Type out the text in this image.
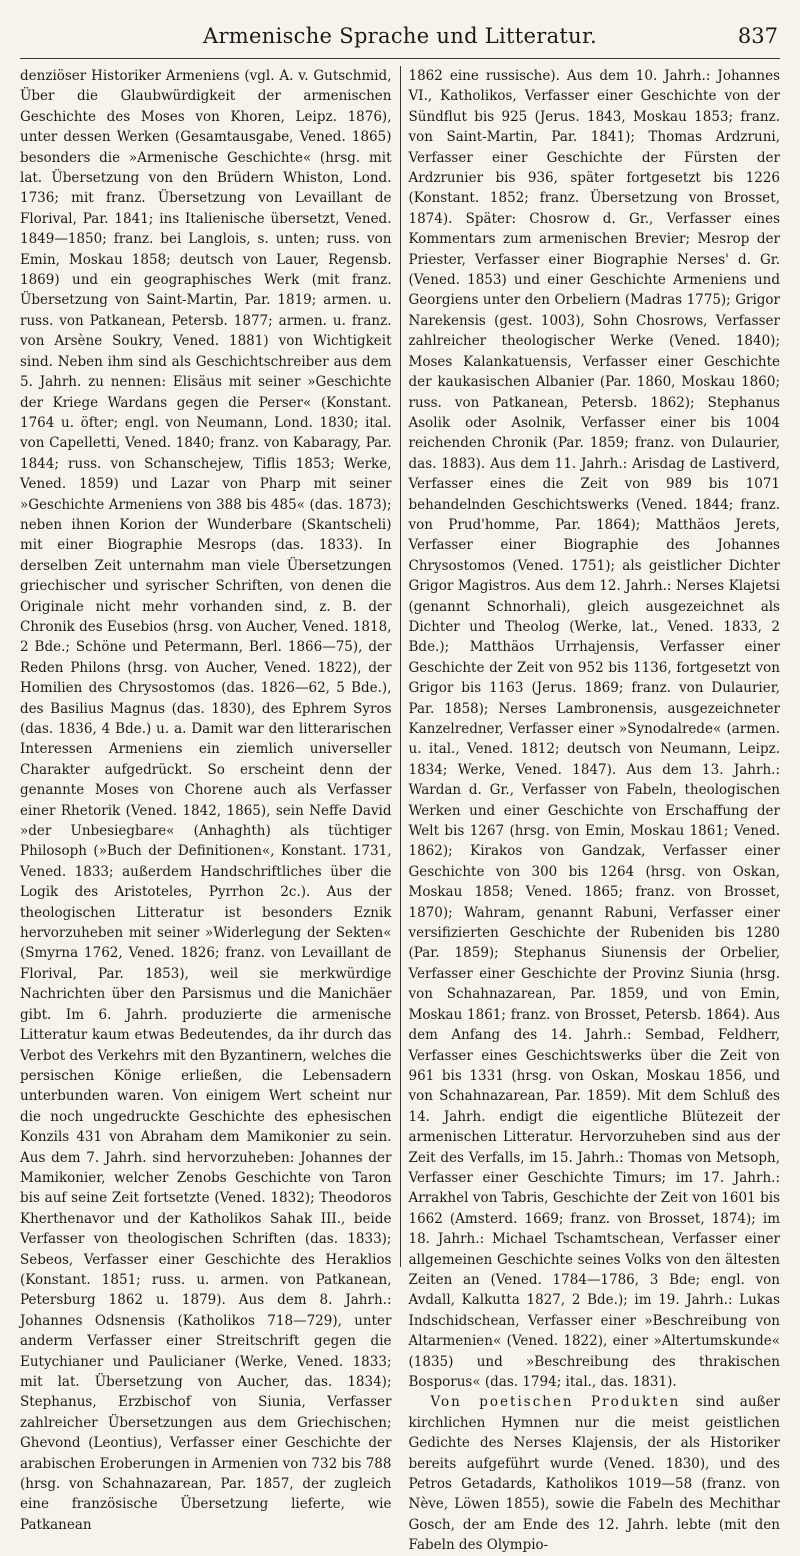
Armenische Sprache und Litteratur.	837

denziöser Historiker Armeniens (vgl. A. v. Gutschmid, Über die Glaubwürdigkeit der armenischen Geschichte des Moses von Khoren, Leipz. 1876), unter dessen Werken (Gesamtausgabe, Vened. 1865) besonders die »Armenische Geschichte« (hrsg. mit lat. Übersetzung von den Brüdern Whiston, Lond. 1736; mit franz. Übersetzung von Levaillant de Florival, Par. 1841; ins Italienische übersetzt, Vened. 1849—1850; franz. bei Langlois, s. unten; russ. von Emin, Moskau 1858; deutsch von Lauer, Regensb. 1869) und ein geographisches Werk (mit franz. Übersetzung von Saint-Martin, Par. 1819; armen. u. russ. von Patkanean, Petersb. 1877; armen. u. franz. von Arsène Soukry, Vened. 1881) von Wichtigkeit sind. Neben ihm sind als Geschichtschreiber aus dem 5. Jahrh. zu nennen: Elisäus mit seiner »Geschichte der Kriege Wardans gegen die Perser« (Konstant. 1764 u. öfter; engl. von Neumann, Lond. 1830; ital. von Capelletti, Vened. 1840; franz. von Kabaragy, Par. 1844; russ. von Schanschejew, Tiflis 1853; Werke, Vened. 1859) und Lazar von Pharp mit seiner »Geschichte Armeniens von 388 bis 485« (das. 1873); neben ihnen Korion der Wunderbare (Skantscheli) mit einer Biographie Mesrops (das. 1833). In derselben Zeit unternahm man viele Übersetzungen griechischer und syrischer Schriften, von denen die Originale nicht mehr vorhanden sind, z. B. der Chronik des Eusebios (hrsg. von Aucher, Vened. 1818, 2 Bde.; Schöne und Petermann, Berl. 1866—75), der Reden Philons (hrsg. von Aucher, Vened. 1822), der Homilien des Chrysostomos (das. 1826—62, 5 Bde.), des Basilius Magnus (das. 1830), des Ephrem Syros (das. 1836, 4 Bde.) u. a. Damit war den litterarischen Interessen Armeniens ein ziemlich universeller Charakter aufgedrückt. So erscheint denn der genannte Moses von Chorene auch als Verfasser einer Rhetorik (Vened. 1842, 1865), sein Neffe David »der Unbesiegbare« (Anhaghth) als tüchtiger Philosoph (»Buch der Definitionen«, Konstant. 1731, Vened. 1833; außerdem Handschriftliches über die Logik des Aristoteles, Pyrrhon 2c.). Aus der theologischen Litteratur ist besonders Eznik hervorzuheben mit seiner »Widerlegung der Sekten« (Smyrna 1762, Vened. 1826; franz. von Levaillant de Florival, Par. 1853), weil sie merkwürdige Nachrichten über den Parsismus und die Manichäer gibt. Im 6. Jahrh. produzierte die armenische Litteratur kaum etwas Bedeutendes, da ihr durch das Verbot des Verkehrs mit den Byzantinern, welches die persischen Könige erließen, die Lebensadern unterbunden waren. Von einigem Wert scheint nur die noch ungedruckte Geschichte des ephesischen Konzils 431 von Abraham dem Mamikonier zu sein. Aus dem 7. Jahrh. sind hervorzuheben: Johannes der Mamikonier, welcher Zenobs Geschichte von Taron bis auf seine Zeit fortsetzte (Vened. 1832); Theodoros Kherthenavor und der Katholikos Sahak III., beide Verfasser von theologischen Schriften (das. 1833); Sebeos, Verfasser einer Geschichte des Heraklios (Konstant. 1851; russ. u. armen. von Patkanean, Petersburg 1862 u. 1879). Aus dem 8. Jahrh.: Johannes Odsnensis (Katholikos 718—729), unter anderm Verfasser einer Streitschrift gegen die Eutychianer und Paulicianer (Werke, Vened. 1833; mit lat. Übersetzung von Aucher, das. 1834); Stephanus, Erzbischof von Siunia, Verfasser zahlreicher Übersetzungen aus dem Griechischen; Ghevond (Leontius), Verfasser einer Geschichte der arabischen Eroberungen in Armenien von 732 bis 788 (hrsg. von Schahnazarean, Par. 1857, der zugleich eine französische Übersetzung lieferte, wie Patkanean

1862 eine russische). Aus dem 10. Jahrh.: Johannes VI., Katholikos, Verfasser einer Geschichte von der Sündflut bis 925 (Jerus. 1843, Moskau 1853; franz. von Saint-Martin, Par. 1841); Thomas Ardzruni, Verfasser einer Geschichte der Fürsten der Ardzrunier bis 936, später fortgesetzt bis 1226 (Konstant. 1852; franz. Übersetzung von Brosset, 1874). Später: Chosrow d. Gr., Verfasser eines Kommentars zum armenischen Brevier; Mesrop der Priester, Verfasser einer Biographie Nerses' d. Gr. (Vened. 1853) und einer Geschichte Armeniens und Georgiens unter den Orbeliern (Madras 1775); Grigor Narekensis (gest. 1003), Sohn Chosrows, Verfasser zahlreicher theologischer Werke (Vened. 1840); Moses Kalankatuensis, Verfasser einer Geschichte der kaukasischen Albanier (Par. 1860, Moskau 1860; russ. von Patkanean, Petersb. 1862); Stephanus Asolik oder Asolnik, Verfasser einer bis 1004 reichenden Chronik (Par. 1859; franz. von Dulaurier, das. 1883). Aus dem 11. Jahrh.: Arisdag de Lastiverd, Verfasser eines die Zeit von 989 bis 1071 behandelnden Geschichtswerks (Vened. 1844; franz. von Prud'homme, Par. 1864); Matthäos Jerets, Verfasser einer Biographie des Johannes Chrysostomos (Vened. 1751); als geistlicher Dichter Grigor Magistros. Aus dem 12. Jahrh.: Nerses Klajetsi (genannt Schnorhali), gleich ausgezeichnet als Dichter und Theolog (Werke, lat., Vened. 1833, 2 Bde.); Matthäos Urrhajensis, Verfasser einer Geschichte der Zeit von 952 bis 1136, fortgesetzt von Grigor bis 1163 (Jerus. 1869; franz. von Dulaurier, Par. 1858); Nerses Lambronensis, ausgezeichneter Kanzelredner, Verfasser einer »Synodalrede« (armen. u. ital., Vened. 1812; deutsch von Neumann, Leipz. 1834; Werke, Vened. 1847). Aus dem 13. Jahrh.: Wardan d. Gr., Verfasser von Fabeln, theologischen Werken und einer Geschichte von Erschaffung der Welt bis 1267 (hrsg. von Emin, Moskau 1861; Vened. 1862); Kirakos von Gandzak, Verfasser einer Geschichte von 300 bis 1264 (hrsg. von Oskan, Moskau 1858; Vened. 1865; franz. von Brosset, 1870); Wahram, genannt Rabuni, Verfasser einer versifizierten Geschichte der Rubeniden bis 1280 (Par. 1859); Stephanus Siunensis der Orbelier, Verfasser einer Geschichte der Provinz Siunia (hrsg. von Schahnazarean, Par. 1859, und von Emin, Moskau 1861; franz. von Brosset, Petersb. 1864). Aus dem Anfang des 14. Jahrh.: Sembad, Feldherr, Verfasser eines Geschichtswerks über die Zeit von 961 bis 1331 (hrsg. von Oskan, Moskau 1856, und von Schahnazarean, Par. 1859). Mit dem Schluß des 14. Jahrh. endigt die eigentliche Blütezeit der armenischen Litteratur. Hervorzuheben sind aus der Zeit des Verfalls, im 15. Jahrh.: Thomas von Metsoph, Verfasser einer Geschichte Timurs; im 17. Jahrh.: Arrakhel von Tabris, Geschichte der Zeit von 1601 bis 1662 (Amsterd. 1669; franz. von Brosset, 1874); im 18. Jahrh.: Michael Tschamtschean, Verfasser einer allgemeinen Geschichte seines Volks von den ältesten Zeiten an (Vened. 1784—1786, 3 Bde; engl. von Avdall, Kalkutta 1827, 2 Bde.); im 19. Jahrh.: Lukas Indschidschean, Verfasser einer »Beschreibung von Altarmenien« (Vened. 1822), einer »Altertumskunde« (1835) und »Beschreibung des thrakischen Bosporus« (das. 1794; ital., das. 1831).

Von poetischen Produkten sind außer kirchlichen Hymnen nur die meist geistlichen Gedichte des Nerses Klajensis, der als Historiker bereits aufgeführt wurde (Vened. 1830), und des Petros Getadards, Katholikos 1019—58 (franz. von Nève, Löwen 1855), sowie die Fabeln des Mechithar Gosch, der am Ende des 12. Jahrh. lebte (mit den Fabeln des Olympio-
